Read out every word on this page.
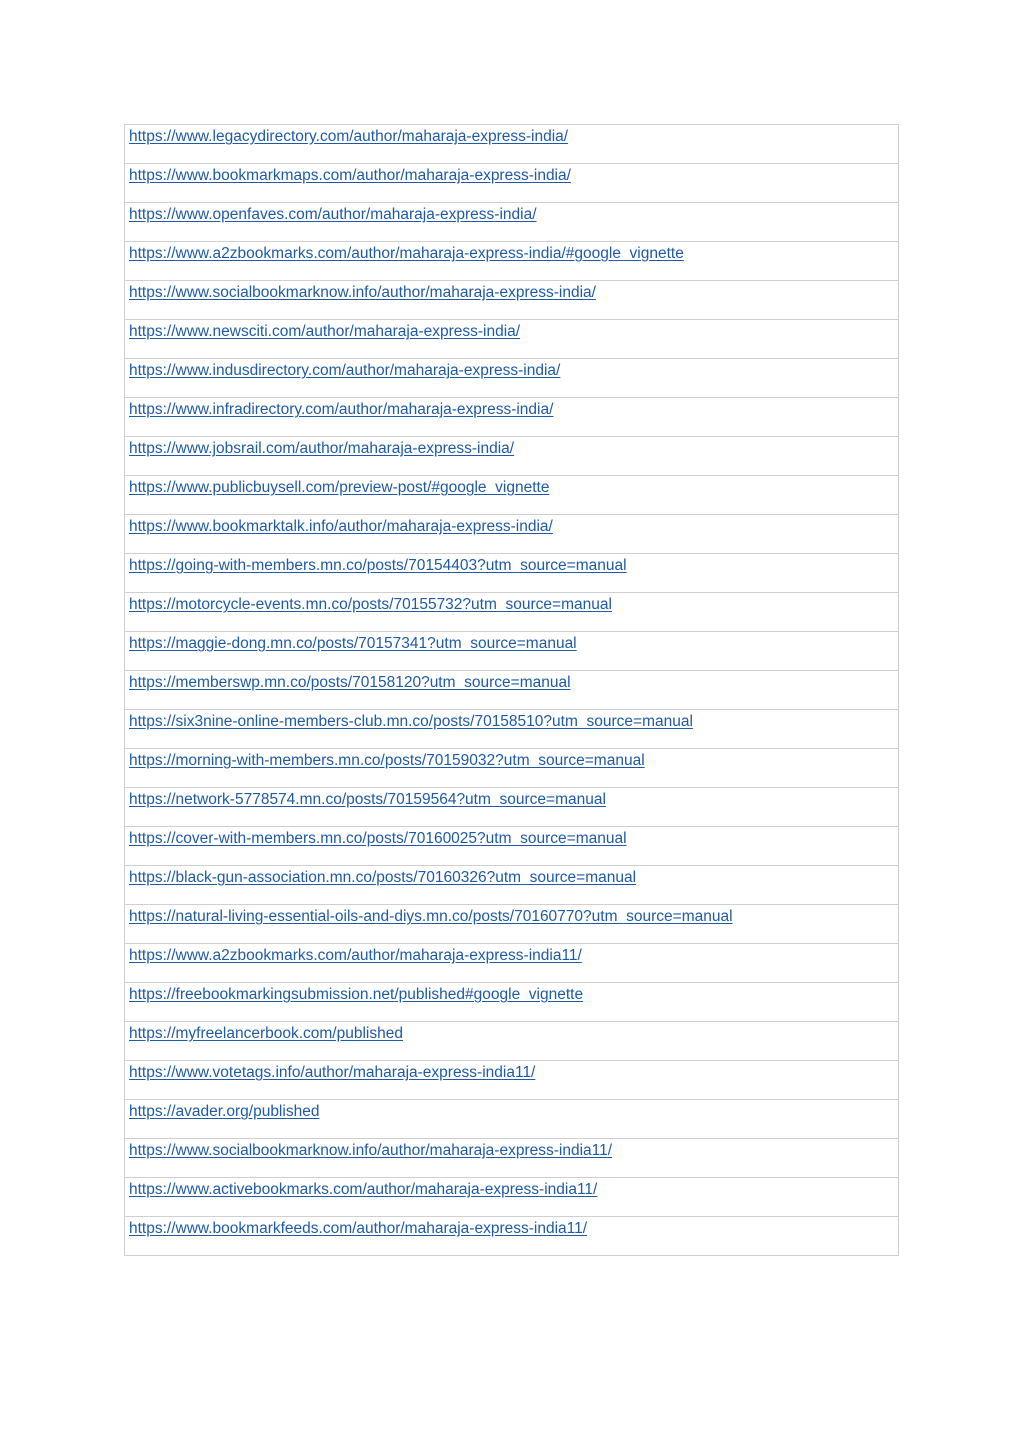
https://www.legacydirectory.com/author/maharaja-express-india/

https://www.bookmarkmaps.com/author/maharaja-express-india/

https://www.openfaves.com/author/maharaja-express-india/

https://www.a2zbookmarks.com/author/maharaja-express-india/#google_vignette

https://www.socialbookmarknow.info/author/maharaja-express-india/

https://www.newsciti.com/author/maharaja-express-india/

https://www.indusdirectory.com/author/maharaja-express-india/

https://www.infradirectory.com/author/maharaja-express-india/

https://www.jobsrail.com/author/maharaja-express-india/

https://www.publicbuysell.com/preview-post/#google_vignette

https://www.bookmarktalk.info/author/maharaja-express-india/

https://going-with-members.mn.co/posts/70154403?utm_source=manual

https://motorcycle-events.mn.co/posts/70155732?utm_source=manual

https://maggie-dong.mn.co/posts/70157341?utm_source=manual

https://memberswp.mn.co/posts/70158120?utm_source=manual

https://six3nine-online-members-club.mn.co/posts/70158510?utm_source=manual

https://morning-with-members.mn.co/posts/70159032?utm_source=manual

https://network-5778574.mn.co/posts/70159564?utm_source=manual

https://cover-with-members.mn.co/posts/70160025?utm_source=manual

https://black-gun-association.mn.co/posts/70160326?utm_source=manual

https://natural-living-essential-oils-and-diys.mn.co/posts/70160770?utm_source=manual

https://www.a2zbookmarks.com/author/maharaja-express-india11/

https://freebookmarkingsubmission.net/published#google_vignette

https://myfreelancerbook.com/published

https://www.votetags.info/author/maharaja-express-india11/

https://avader.org/published

https://www.socialbookmarknow.info/author/maharaja-express-india11/

https://www.activebookmarks.com/author/maharaja-express-india11/

https://www.bookmarkfeeds.com/author/maharaja-express-india11/
